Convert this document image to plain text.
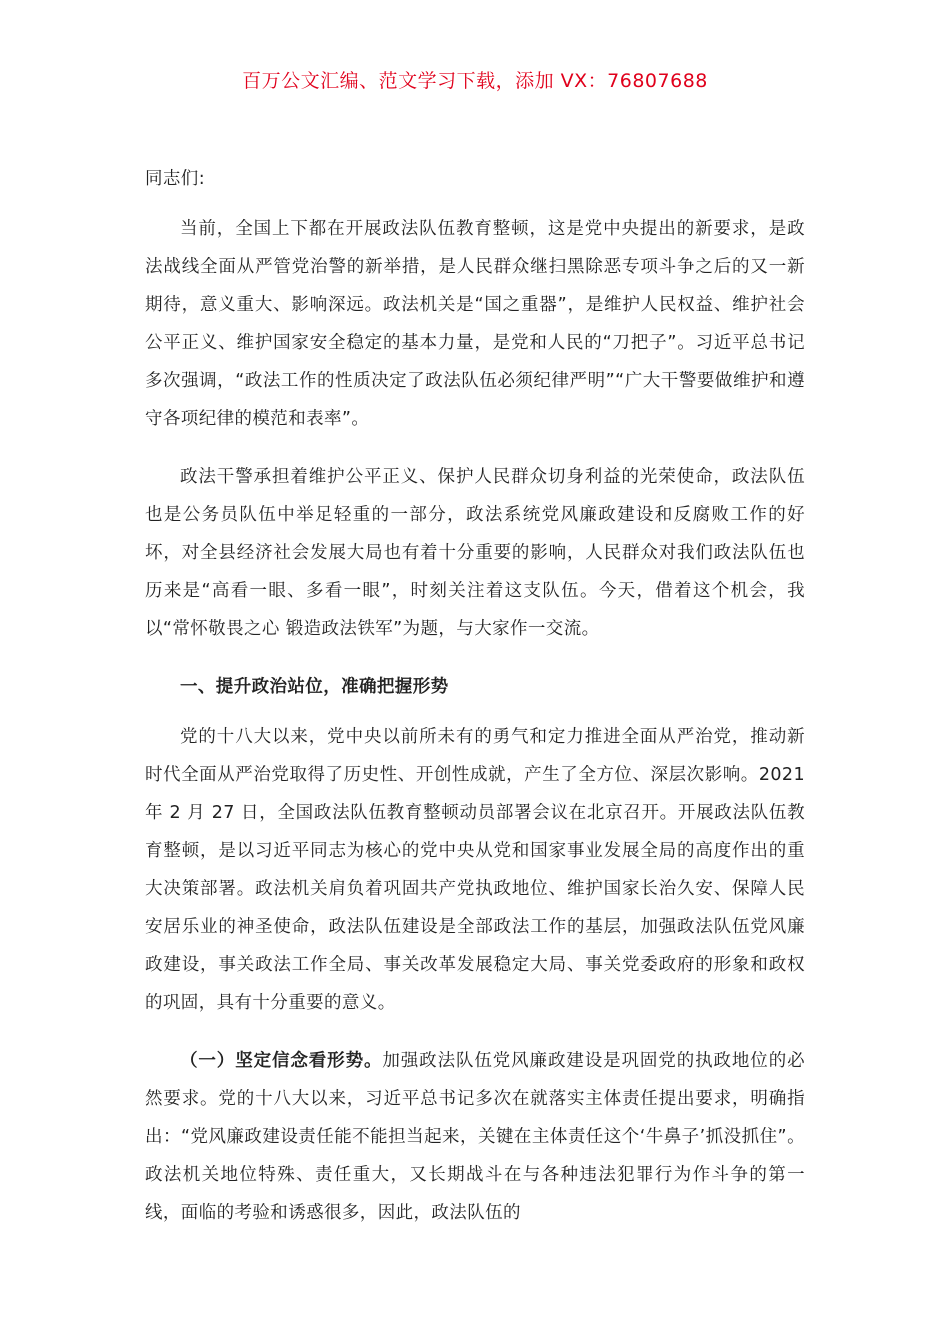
百万公文汇编、范文学习下载，添加 VX：76807688

同志们:

当前，全国上下都在开展政法队伍教育整顿，这是党中央提出的新要求，是政法战线全面从严管党治警的新举措，是人民群众继扫黑除恶专项斗争之后的又一新期待，意义重大、影响深远。政法机关是“国之重器”，是维护人民权益、维护社会公平正义、维护国家安全稳定的基本力量，是党和人民的“刀把子”。习近平总书记多次强调，“政法工作的性质决定了政法队伍必须纪律严明”“广大干警要做维护和遵守各项纪律的模范和表率”。

政法干警承担着维护公平正义、保护人民群众切身利益的光荣使命，政法队伍也是公务员队伍中举足轻重的一部分，政法系统党风廉政建设和反腐败工作的好坏，对全县经济社会发展大局也有着十分重要的影响，人民群众对我们政法队伍也历来是“高看一眼、多看一眼”，时刻关注着这支队伍。今天，借着这个机会，我以“常怀敬畏之心 锻造政法铁军”为题，与大家作一交流。

一、提升政治站位，准确把握形势

党的十八大以来，党中央以前所未有的勇气和定力推进全面从严治党，推动新时代全面从严治党取得了历史性、开创性成就，产生了全方位、深层次影响。2021 年 2 月 27 日，全国政法队伍教育整顿动员部署会议在北京召开。开展政法队伍教育整顿，是以习近平同志为核心的党中央从党和国家事业发展全局的高度作出的重大决策部署。政法机关肩负着巩固共产党执政地位、维护国家长治久安、保障人民安居乐业的神圣使命，政法队伍建设是全部政法工作的基层，加强政法队伍党风廉政建设，事关政法工作全局、事关改革发展稳定大局、事关党委政府的形象和政权的巩固，具有十分重要的意义。

（一）坚定信念看形势。加强政法队伍党风廉政建设是巩固党的执政地位的必然要求。党的十八大以来，习近平总书记多次在就落实主体责任提出要求，明确指出：“党风廉政建设责任能不能担当起来，关键在主体责任这个‘牛鼻子’抓没抓住”。政法机关地位特殊、责任重大，又长期战斗在与各种违法犯罪行为作斗争的第一线，面临的考验和诱惑很多，因此，政法队伍的
